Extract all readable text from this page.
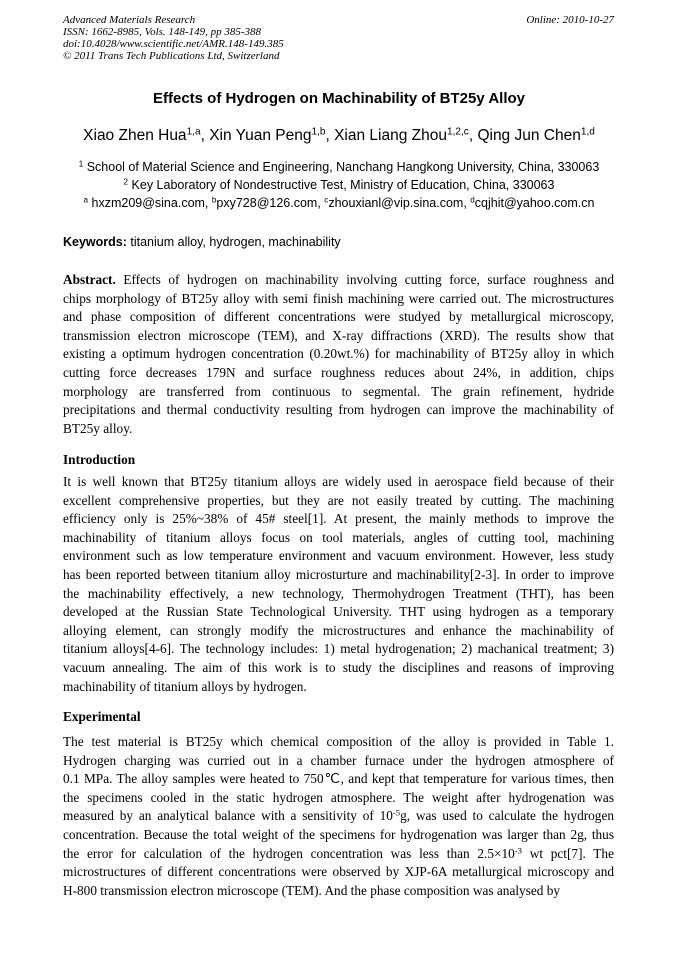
Advanced Materials Research
ISSN: 1662-8985, Vols. 148-149, pp 385-388
doi:10.4028/www.scientific.net/AMR.148-149.385
© 2011 Trans Tech Publications Ltd, Switzerland
Online: 2010-10-27
Effects of Hydrogen on Machinability of BT25y Alloy
Xiao Zhen Hua$^{1,a}$, Xin Yuan Peng$^{1,b}$, Xian Liang Zhou$^{1,2,c}$, Qing Jun Chen$^{1,d}$
$^1$ School of Material Science and Engineering, Nanchang Hangkong University, China, 330063
$^2$ Key Laboratory of Nondestructive Test, Ministry of Education, China, 330063
$^a$ hxzm209@sina.com, $^b$pxy728@126.com, $^c$zhouxianl@vip.sina.com, $^d$cqjhit@yahoo.com.cn
Keywords: titanium alloy, hydrogen, machinability
Abstract. Effects of hydrogen on machinability involving cutting force, surface roughness and
chips morphology of BT25y alloy with semi finish machining were carried out. The microstructures
and phase composition of different concentrations were studyed by metallurgical microscopy,
transmission electron microscope (TEM), and X-ray diffractions (XRD). The results show that
existing a optimum hydrogen concentration (0.20wt.%) for machinability of BT25y alloy in which
cutting force decreases 179N and surface roughness reduces about 24%, in addition, chips
morphology are transferred from continuous to segmental. The grain refinement, hydride
precipitations and thermal conductivity resulting from hydrogen can improve the machinability of
BT25y alloy.
Introduction
It is well known that BT25y titanium alloys are widely used in aerospace field because of their
excellent comprehensive properties, but they are not easily treated by cutting. The machining
efficiency only is 25%~38% of 45# steel[1]. At present, the mainly methods to improve the
machinability of titanium alloys focus on tool materials, angles of cutting tool, machining
environment such as low temperature environment and vacuum environment. However, less study
has been reported between titanium alloy microsturture and machinability[2-3]. In order to improve
the machinability effectively, a new technology, Thermohydrogen Treatment (THT), has been
developed at the Russian State Technological University. THT using hydrogen as a temporary
alloying element, can strongly modify the microstructures and enhance the machinability of
titanium alloys[4-6]. The technology includes: 1) metal hydrogenation; 2) machanical treatment; 3)
vacuum annealing. The aim of this work is to study the disciplines and reasons of improving
machinability of titanium alloys by hydrogen.
Experimental
The test material is BT25y which chemical composition of the alloy is provided in Table 1.
Hydrogen charging was curried out in a chamber furnace under the hydrogen atmosphere of
0.1 MPa. The alloy samples were heated to 750℃, and kept that temperature for various times, then
the specimens cooled in the static hydrogen atmosphere. The weight after hydrogenation was
measured by an analytical balance with a sensitivity of $10^{-5}g$, was used to calculate the hydrogen
concentration. Because the total weight of the specimens for hydrogenation was larger than 2g, thus
the error for calculation of the hydrogen concentration was less than $2.5\times 10^{-3}$ wt pct[7]. The
microstructures of different concentrations were observed by XJP-6A metallurgical microscopy and
H-800 transmission electron microscope (TEM). And the phase composition was analysed by
